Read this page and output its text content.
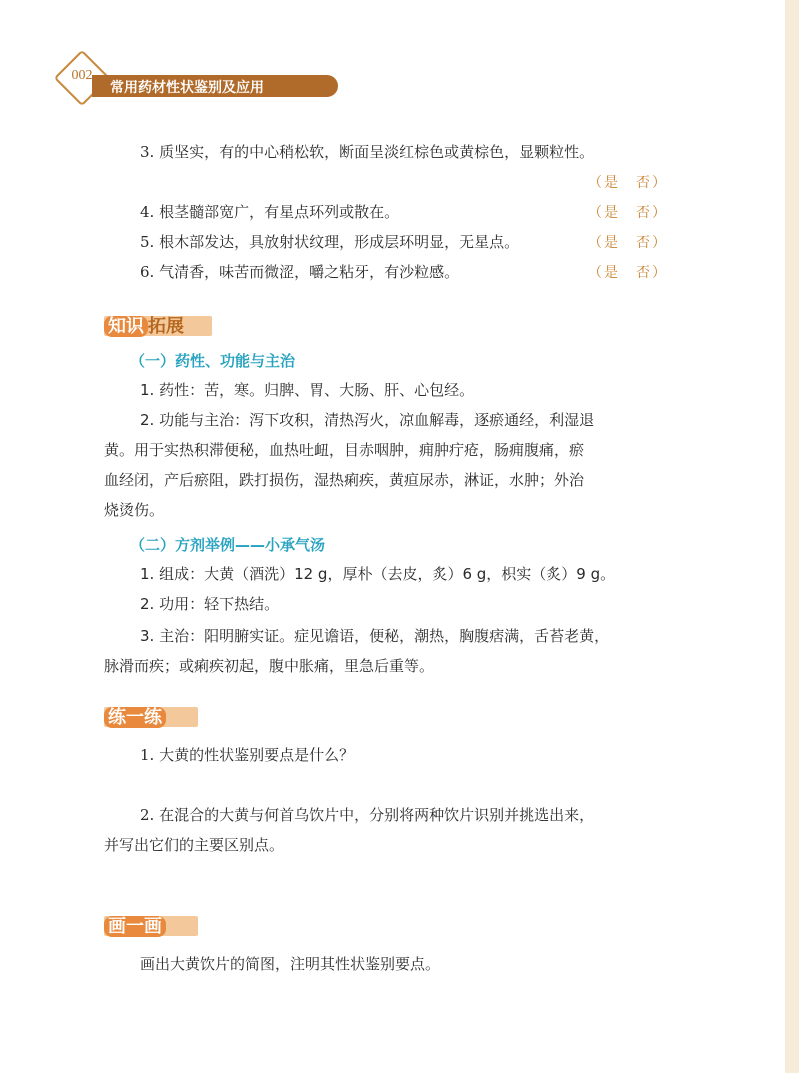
002
常用药材性状鉴别及应用
3. 质坚实，有的中心稍松软，断面呈淡红棕色或黄棕色，显颗粒性。
（是　否）
4. 根茎髓部宽广，有星点环列或散在。	（是　否）
5. 根木部发达，具放射状纹理，形成层环明显，无星点。	（是　否）
6. 气清香，味苦而微涩，嚼之粘牙，有沙粒感。	（是　否）
知识 拓展
（一）药性、功能与主治
1. 药性：苦，寒。归脾、胃、大肠、肝、心包经。
2. 功能与主治：泻下攻积，清热泻火，凉血解毒，逐瘀通经，利湿退
黄。用于实热积滞便秘，血热吐衄，目赤咽肿，痈肿疔疮，肠痈腹痛，瘀
血经闭，产后瘀阻，跌打损伤，湿热痢疾，黄疸尿赤，淋证，水肿；外治
烧烫伤。
（二）方剂举例——小承气汤
1. 组成：大黄（酒洗）12 g，厚朴（去皮，炙）6 g，枳实（炙）9 g。
2. 功用：轻下热结。
3. 主治：阳明腑实证。症见谵语，便秘，潮热，胸腹痞满，舌苔老黄，
脉滑而疾；或痢疾初起，腹中胀痛，里急后重等。
练一练
1. 大黄的性状鉴别要点是什么？
2. 在混合的大黄与何首乌饮片中，分别将两种饮片识别并挑选出来，
并写出它们的主要区别点。
画一画
画出大黄饮片的简图，注明其性状鉴别要点。
